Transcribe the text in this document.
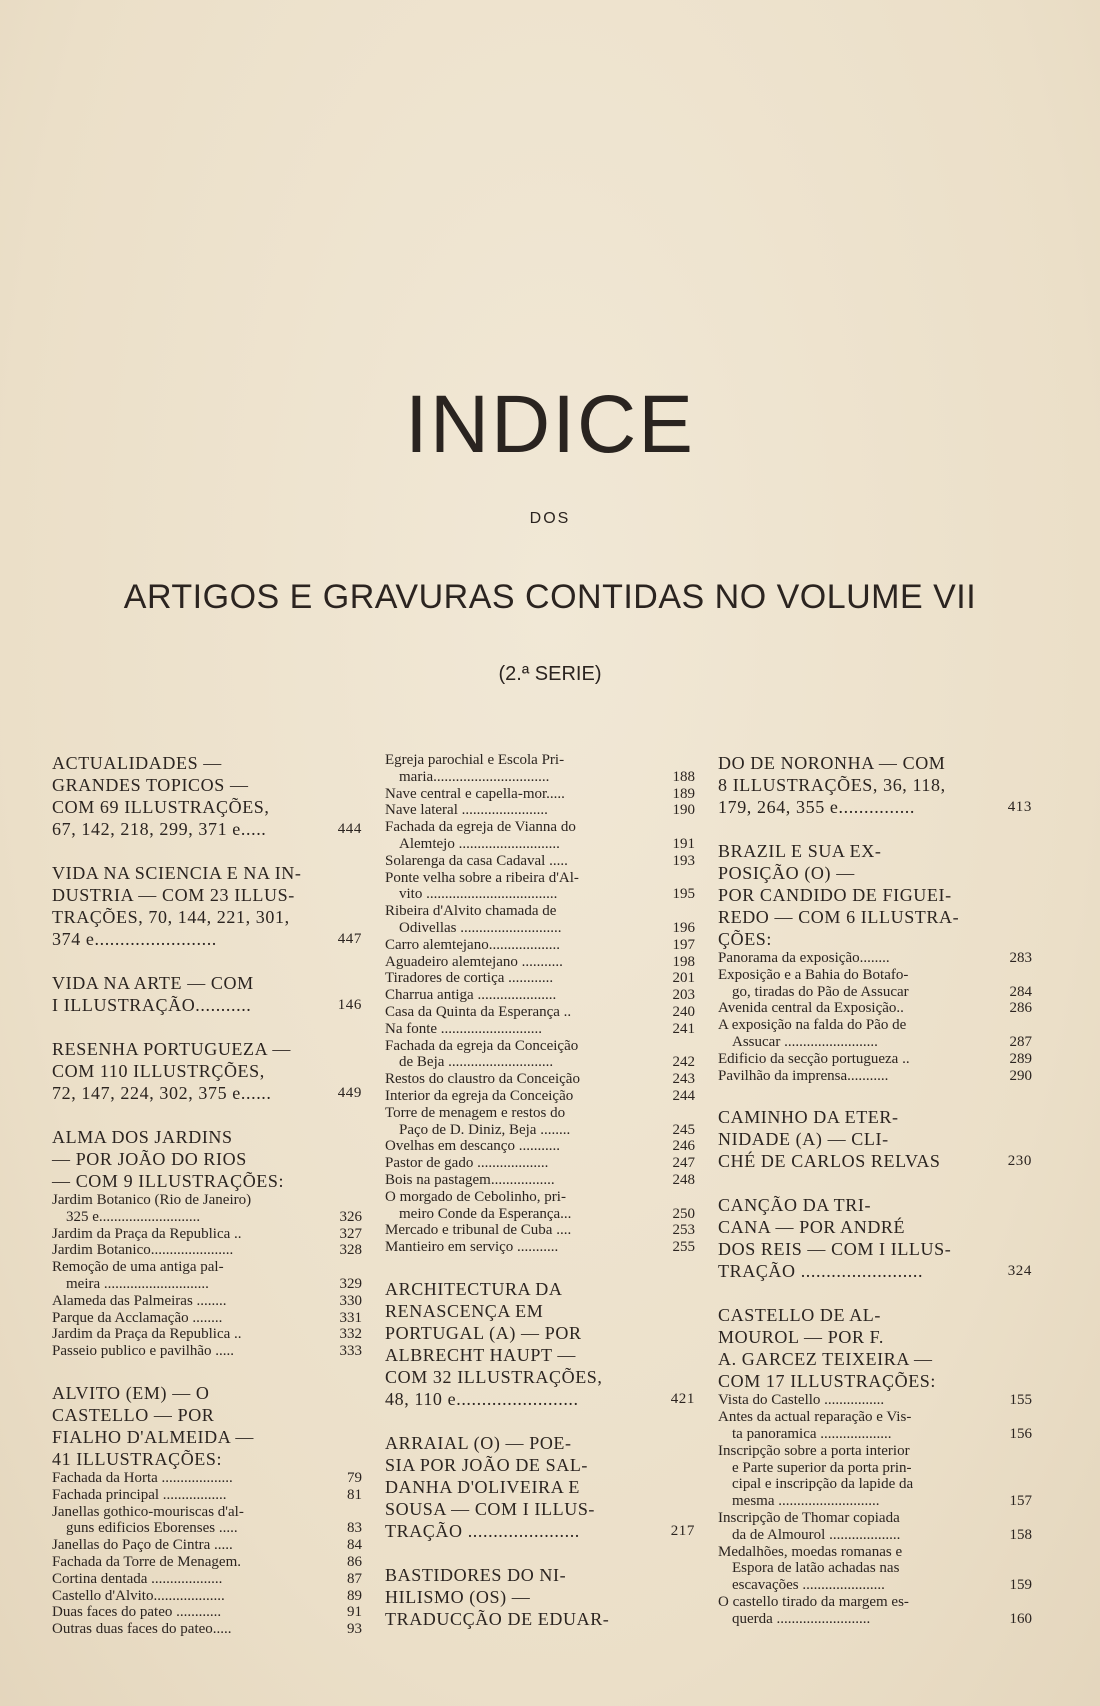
INDICE
DOS
ARTIGOS E GRAVURAS CONTIDAS NO VOLUME VII
(2.ª SERIE)
ACTUALIDADES —
GRANDES TOPICOS —
COM 69 ILLUSTRAÇÕES,
67, 142, 218, 299, 371 e.....	444
VIDA NA SCIENCIA E NA IN-
DUSTRIA — COM 23 ILLUS-
TRAÇÕES, 70, 144, 221, 301,
374 e........................	447
VIDA NA ARTE — COM
I ILLUSTRAÇÃO...........	146
RESENHA PORTUGUEZA —
COM 110 ILLUSTRÇÕES,
72, 147, 224, 302, 375 e......	449
ALMA DOS JARDINS
— POR JOÃO DO RIOS
— COM 9 ILLUSTRAÇÕES:
Jardim Botanico (Rio de Janeiro)
325 e...........................	326
Jardim da Praça da Republica ..	327
Jardim Botanico......................	328
Remoção de uma antiga pal-
meira ............................	329
Alameda das Palmeiras ........	330
Parque da Acclamação ........	331
Jardim da Praça da Republica ..	332
Passeio publico e pavilhão .....	333
ALVITO (EM) — O
CASTELLO — POR
FIALHO D'ALMEIDA —
41 ILLUSTRAÇÕES:
Fachada da Horta ...................	79
Fachada principal .................	81
Janellas gothico-mouriscas d'al-
guns edificios Eborenses .....	83
Janellas do Paço de Cintra .....	84
Fachada da Torre de Menagem.	86
Cortina dentada ...................	87
Castello d'Alvito...................	89
Duas faces do pateo ............	91
Outras duas faces do pateo.....	93
Egreja parochial e Escola Pri-
maria...............................	188
Nave central e capella-mor.....	189
Nave lateral .......................	190
Fachada da egreja de Vianna do
Alemtejo ...........................	191
Solarenga da casa Cadaval .....	193
Ponte velha sobre a ribeira d'Al-
vito ...................................	195
Ribeira d'Alvito chamada de
Odivellas ...........................	196
Carro alemtejano...................	197
Aguadeiro alemtejano ...........	198
Tiradores de cortiça ............	201
Charrua antiga .....................	203
Casa da Quinta da Esperança ..	240
Na fonte ...........................	241
Fachada da egreja da Conceição
de Beja ............................	242
Restos do claustro da Conceição	243
Interior da egreja da Conceição	244
Torre de menagem e restos do
Paço de D. Diniz, Beja ........	245
Ovelhas em descanço ...........	246
Pastor de gado ...................	247
Bois na pastagem.................	248
O morgado de Cebolinho, pri-
meiro Conde da Esperança...	250
Mercado e tribunal de Cuba ....	253
Mantieiro em serviço ...........	255
ARCHITECTURA DA
RENASCENÇA EM
PORTUGAL (A) — POR
ALBRECHT HAUPT —
COM 32 ILLUSTRAÇÕES,
48, 110 e........................	421
ARRAIAL (O) — POE-
SIA POR JOÃO DE SAL-
DANHA D'OLIVEIRA E
SOUSA — COM I ILLUS-
TRAÇÃO ......................	217
BASTIDORES DO NI-
HILISMO (OS) —
TRADUCÇÃO DE EDUAR-
DO DE NORONHA — COM
8 ILLUSTRAÇÕES, 36, 118,
179, 264, 355 e...............	413
BRAZIL E SUA EX-
POSIÇÃO (O) —
POR CANDIDO DE FIGUEI-
REDO — COM 6 ILLUSTRA-
ÇÕES:
Panorama da exposição........	283
Exposição e a Bahia do Botafo-
go, tiradas do Pão de Assucar	284
Avenida central da Exposição..	286
A exposição na falda do Pão de
Assucar .........................	287
Edificio da secção portugueza ..	289
Pavilhão da imprensa...........	290
CAMINHO DA ETER-
NIDADE (A) — CLI-
CHÉ DE CARLOS RELVAS	230
CANÇÃO DA TRI-
CANA — POR ANDRÉ
DOS REIS — COM I ILLUS-
TRAÇÃO ........................	324
CASTELLO DE AL-
MOUROL — POR F.
A. GARCEZ TEIXEIRA —
COM 17 ILLUSTRAÇÕES:
Vista do Castello ................	155
Antes da actual reparação e Vis-
ta panoramica ...................	156
Inscripção sobre a porta interior
e Parte superior da porta prin-
cipal e inscripção da lapide da
mesma ...........................	157
Inscripção de Thomar copiada
da de Almourol ...................	158
Medalhões, moedas romanas e
Espora de latão achadas nas
escavações ......................	159
O castello tirado da margem es-
querda .........................	160
